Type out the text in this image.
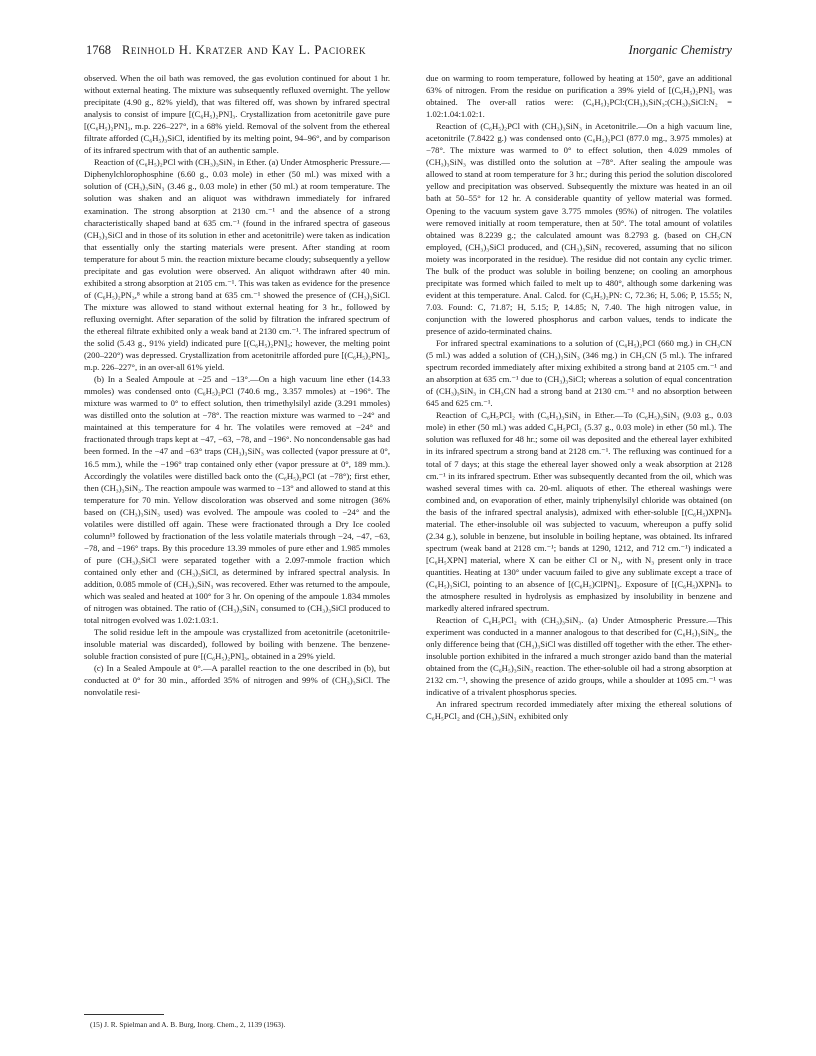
1768 Reinhold H. Kratzer and Kay L. Paciorek	Inorganic Chemistry

observed. When the oil bath was removed, the gas evolution continued for about 1 hr. without external heating. The mixture was subsequently refluxed overnight. The yellow precipitate (4.90 g., 82% yield), that was filtered off, was shown by infrared spectral analysis to consist of impure [(C₆H₅)₂PN]₃. Crystallization from acetonitrile gave pure [(C₆H₅)₂PN]₃, m.p. 226–227°, in a 68% yield. Removal of the solvent from the ethereal filtrate afforded (C₆H₅)₃SiCl, identified by its melting point, 94–96°, and by comparison of its infrared spectrum with that of an authentic sample.

Reaction of (C₆H₅)₂PCl with (CH₃)₃SiN₃ in Ether. (a) Under Atmospheric Pressure.—Diphenylchlorophosphine (6.60 g., 0.03 mole) in ether (50 ml.) was mixed with a solution of (CH₃)₃SiN₃ (3.46 g., 0.03 mole) in ether (50 ml.) at room temperature. The solution was shaken and an aliquot was withdrawn immediately for infrared examination. The strong absorption at 2130 cm.⁻¹ and the absence of a strong characteristically shaped band at 635 cm.⁻¹ (found in the infrared spectra of gaseous (CH₃)₃SiCl and in those of its solution in ether and acetonitrile) were taken as indication that essentially only the starting materials were present. After standing at room temperature for about 5 min. the reaction mixture became cloudy; subsequently a yellow precipitate and gas evolution were observed. An aliquot withdrawn after 40 min. exhibited a strong absorption at 2105 cm.⁻¹. This was taken as evidence for the presence of (C₆H₅)₂PN₃,⁸ while a strong band at 635 cm.⁻¹ showed the presence of (CH₃)₃SiCl. The mixture was allowed to stand without external heating for 3 hr., followed by refluxing overnight. After separation of the solid by filtration the infrared spectrum of the ethereal filtrate exhibited only a weak band at 2130 cm.⁻¹. The infrared spectrum of the solid (5.43 g., 91% yield) indicated pure [(C₆H₅)₂PN]₃; however, the melting point (200–220°) was depressed. Crystallization from acetonitrile afforded pure [(C₆H₅)₂PN]₃, m.p. 226–227°, in an over-all 61% yield.

(b) In a Sealed Ampoule at −25 and −13°.—On a high vacuum line ether (14.33 mmoles) was condensed onto (C₆H₅)₂PCl (740.6 mg., 3.357 mmoles) at −196°. The mixture was warmed to 0° to effect solution, then trimethylsilyl azide (3.291 mmoles) was distilled onto the solution at −78°. The reaction mixture was warmed to −24° and maintained at this temperature for 4 hr. The volatiles were removed at −24° and fractionated through traps kept at −47, −63, −78, and −196°. No noncondensable gas had been formed. In the −47 and −63° traps (CH₃)₃SiN₃ was collected (vapor pressure at 0°, 16.5 mm.), while the −196° trap contained only ether (vapor pressure at 0°, 189 mm.). Accordingly the volatiles were distilled back onto the (C₆H₅)₂PCl (at −78°); first ether, then (CH₃)₃SiN₃. The reaction ampoule was warmed to −13° and allowed to stand at this temperature for 70 min. Yellow discoloration was observed and some nitrogen (36% based on (CH₃)₃SiN₃ used) was evolved. The ampoule was cooled to −24° and the volatiles were distilled off again. These were fractionated through a Dry Ice cooled column¹⁵ followed by fractionation of the less volatile materials through −24, −47, −63, −78, and −196° traps. By this procedure 13.39 mmoles of pure ether and 1.985 mmoles of pure (CH₃)₃SiCl were separated together with a 2.097-mmole fraction which contained only ether and (CH₃)₃SiCl, as determined by infrared spectral analysis. In addition, 0.085 mmole of (CH₃)₃SiN₃ was recovered. Ether was returned to the ampoule, which was sealed and heated at 100° for 3 hr. On opening of the ampoule 1.834 mmoles of nitrogen was obtained. The ratio of (CH₃)₃SiN₃ consumed to (CH₃)₃SiCl produced to total nitrogen evolved was 1.02:1.03:1.

The solid residue left in the ampoule was crystallized from acetonitrile (acetonitrile-insoluble material was discarded), followed by boiling with benzene. The benzene-soluble fraction consisted of pure [(C₆H₅)₂PN]₃, obtained in a 29% yield.

(c) In a Sealed Ampoule at 0°.—A parallel reaction to the one described in (b), but conducted at 0° for 30 min., afforded 35% of nitrogen and 99% of (CH₃)₃SiCl. The nonvolatile resi-

due on warming to room temperature, followed by heating at 150°, gave an additional 63% of nitrogen. From the residue on purification a 39% yield of [(C₆H₅)₂PN]₃ was obtained. The over-all ratios were: (C₆H₅)₂PCl:(CH₃)₃SiN₃:(CH₃)₃SiCl:N₂ = 1.02:1.04:1.02:1.

Reaction of (C₆H₅)₂PCl with (CH₃)₃SiN₃ in Acetonitrile.—On a high vacuum line, acetonitrile (7.8422 g.) was condensed onto (C₆H₅)₂PCl (877.0 mg., 3.975 mmoles) at −78°. The mixture was warmed to 0° to effect solution, then 4.029 mmoles of (CH₃)₃SiN₃ was distilled onto the solution at −78°. After sealing the ampoule was allowed to stand at room temperature for 3 hr.; during this period the solution discolored yellow and precipitation was observed. Subsequently the mixture was heated in an oil bath at 50–55° for 12 hr. A considerable quantity of yellow material was formed. Opening to the vacuum system gave 3.775 mmoles (95%) of nitrogen. The volatiles were removed initially at room temperature, then at 50°. The total amount of volatiles obtained was 8.2239 g.; the calculated amount was 8.2793 g. (based on CH₃CN employed, (CH₃)₃SiCl produced, and (CH₃)₃SiN₃ recovered, assuming that no silicon moiety was incorporated in the residue). The residue did not contain any cyclic trimer. The bulk of the product was soluble in boiling benzene; on cooling an amorphous precipitate was formed which failed to melt up to 480°, although some darkening was evident at this temperature. Anal. Calcd. for (C₆H₅)₂PN: C, 72.36; H, 5.06; P, 15.55; N, 7.03. Found: C, 71.87; H, 5.15; P, 14.85; N, 7.40. The high nitrogen value, in conjunction with the lowered phosphorus and carbon values, tends to indicate the presence of azido-terminated chains.

For infrared spectral examinations to a solution of (C₆H₅)₂PCl (660 mg.) in CH₃CN (5 ml.) was added a solution of (CH₃)₃SiN₃ (346 mg.) in CH₃CN (5 ml.). The infrared spectrum recorded immediately after mixing exhibited a strong band at 2105 cm.⁻¹ and an absorption at 635 cm.⁻¹ due to (CH₃)₃SiCl; whereas a solution of equal concentration of (CH₃)₃SiN₃ in CH₃CN had a strong band at 2130 cm.⁻¹ and no absorption between 645 and 625 cm.⁻¹.

Reaction of C₆H₅PCl₂ with (C₆H₅)₃SiN₃ in Ether.—To (C₆H₅)₃SiN₃ (9.03 g., 0.03 mole) in ether (50 ml.) was added C₆H₅PCl₂ (5.37 g., 0.03 mole) in ether (50 ml.). The solution was refluxed for 48 hr.; some oil was deposited and the ethereal layer exhibited in its infrared spectrum a strong band at 2128 cm.⁻¹. The refluxing was continued for a total of 7 days; at this stage the ethereal layer showed only a weak absorption at 2128 cm.⁻¹ in its infrared spectrum. Ether was subsequently decanted from the oil, which was washed several times with ca. 20-ml. aliquots of ether. The ethereal washings were combined and, on evaporation of ether, mainly triphenylsilyl chloride was obtained (on the basis of the infrared spectral analysis), admixed with ether-soluble [(C₆H₅)XPN]ₙ material. The ether-insoluble oil was subjected to vacuum, whereupon a puffy solid (2.34 g.), soluble in benzene, but insoluble in boiling heptane, was obtained. Its infrared spectrum (weak band at 2128 cm.⁻¹; bands at 1290, 1212, and 712 cm.⁻¹) indicated a [C₆H₅XPN] material, where X can be either Cl or N₃, with N₃ present only in trace quantities. Heating at 130° under vacuum failed to give any sublimate except a trace of (C₆H₅)₃SiCl, pointing to an absence of [(C₆H₅)ClPN]₃. Exposure of [(C₆H₅)XPN]ₙ to the atmosphere resulted in hydrolysis as emphasized by insolubility in benzene and markedly altered infrared spectrum.

Reaction of C₆H₅PCl₂ with (CH₃)₃SiN₃. (a) Under Atmospheric Pressure.—This experiment was conducted in a manner analogous to that described for (C₆H₅)₃SiN₃, the only difference being that (CH₃)₃SiCl was distilled off together with the ether. The ether-insoluble portion exhibited in the infrared a much stronger azido band than the material obtained from the (C₆H₅)₃SiN₃ reaction. The ether-soluble oil had a strong absorption at 2132 cm.⁻¹, showing the presence of azido groups, while a shoulder at 1095 cm.⁻¹ was indicative of a trivalent phosphorus species.

An infrared spectrum recorded immediately after mixing the ethereal solutions of C₆H₅PCl₂ and (CH₃)₃SiN₃ exhibited only

(15) J. R. Spielman and A. B. Burg, Inorg. Chem., 2, 1139 (1963).
